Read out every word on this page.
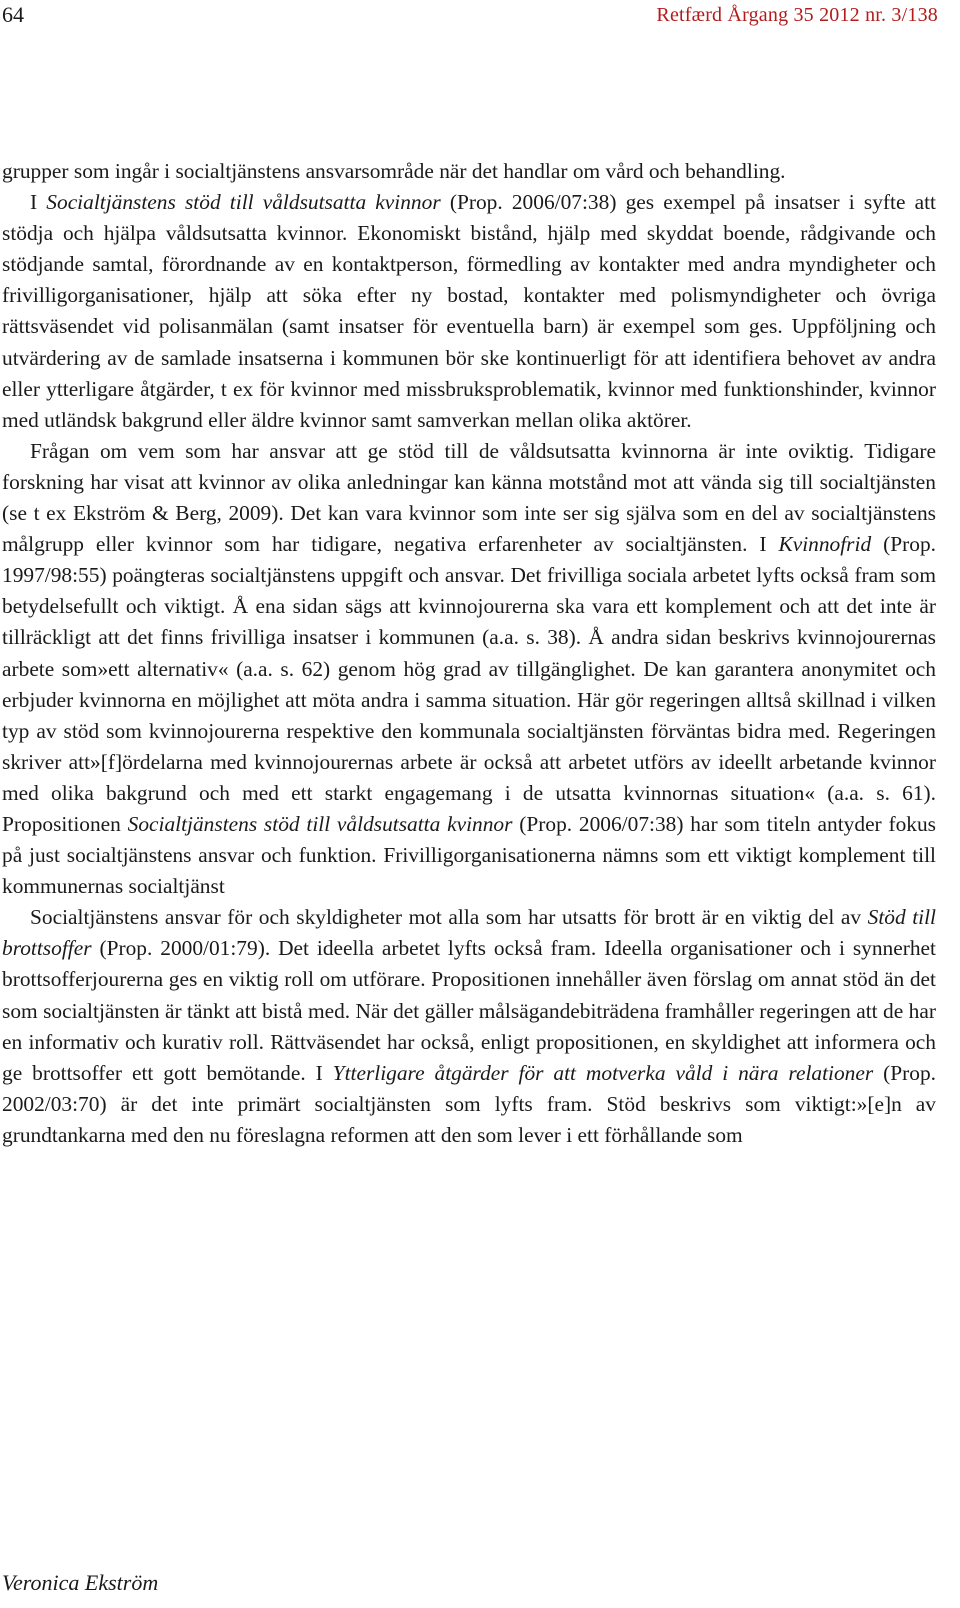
64	Retfærd Årgang 35 2012 nr. 3/138

grupper som ingår i socialtjänstens ansvarsområde när det handlar om vård och behandling.

I Socialtjänstens stöd till våldsutsatta kvinnor (Prop. 2006/07:38) ges exempel på insatser i syfte att stödja och hjälpa våldsutsatta kvinnor. Ekonomiskt bistånd, hjälp med skyddat boende, rådgivande och stödjande samtal, förordnande av en kontaktperson, förmedling av kontakter med andra myndigheter och frivilligorganisationer, hjälp att söka efter ny bostad, kontakter med polismyndigheter och övriga rättsväsendet vid polisanmälan (samt insatser för eventuella barn) är exempel som ges. Uppföljning och utvärdering av de samlade insatserna i kommunen bör ske kontinuerligt för att identifiera behovet av andra eller ytterligare åtgärder, t ex för kvinnor med missbruksproblematik, kvinnor med funktionshinder, kvinnor med utländsk bakgrund eller äldre kvinnor samt samverkan mellan olika aktörer.

Frågan om vem som har ansvar att ge stöd till de våldsutsatta kvinnorna är inte oviktig. Tidigare forskning har visat att kvinnor av olika anledningar kan känna motstånd mot att vända sig till socialtjänsten (se t ex Ekström & Berg, 2009). Det kan vara kvinnor som inte ser sig själva som en del av socialtjänstens målgrupp eller kvinnor som har tidigare, negativa erfarenheter av socialtjänsten. I Kvinnofrid (Prop. 1997/98:55) poängteras socialtjänstens uppgift och ansvar. Det frivilliga sociala arbetet lyfts också fram som betydelsefullt och viktigt. Å ena sidan sägs att kvinnojourerna ska vara ett komplement och att det inte är tillräckligt att det finns frivilliga insatser i kommunen (a.a. s. 38). Å andra sidan beskrivs kvinnojourernas arbete som»ett alternativ« (a.a. s. 62) genom hög grad av tillgänglighet. De kan garantera anonymitet och erbjuder kvinnorna en möjlighet att möta andra i samma situation. Här gör regeringen alltså skillnad i vilken typ av stöd som kvinnojourerna respektive den kommunala socialtjänsten förväntas bidra med. Regeringen skriver att»[f]ördelarna med kvinnojourernas arbete är också att arbetet utförs av ideellt arbetande kvinnor med olika bakgrund och med ett starkt engagemang i de utsatta kvinnornas situation« (a.a. s. 61). Propositionen Socialtjänstens stöd till våldsutsatta kvinnor (Prop. 2006/07:38) har som titeln antyder fokus på just socialtjänstens ansvar och funktion. Frivilligorganisationerna nämns som ett viktigt komplement till kommunernas socialtjänst

Socialtjänstens ansvar för och skyldigheter mot alla som har utsatts för brott är en viktig del av Stöd till brottsoffer (Prop. 2000/01:79). Det ideella arbetet lyfts också fram. Ideella organisationer och i synnerhet brottsofferjourerna ges en viktig roll om utförare. Propositionen innehåller även förslag om annat stöd än det som socialtjänsten är tänkt att bistå med. När det gäller målsägandebiträdena framhåller regeringen att de har en informativ och kurativ roll. Rättväsendet har också, enligt propositionen, en skyldighet att informera och ge brottsoffer ett gott bemötande. I Ytterligare åtgärder för att motverka våld i nära relationer (Prop. 2002/03:70) är det inte primärt socialtjänsten som lyfts fram. Stöd beskrivs som viktigt:»[e]n av grundtankarna med den nu föreslagna reformen att den som lever i ett förhållande som

Veronica Ekström
